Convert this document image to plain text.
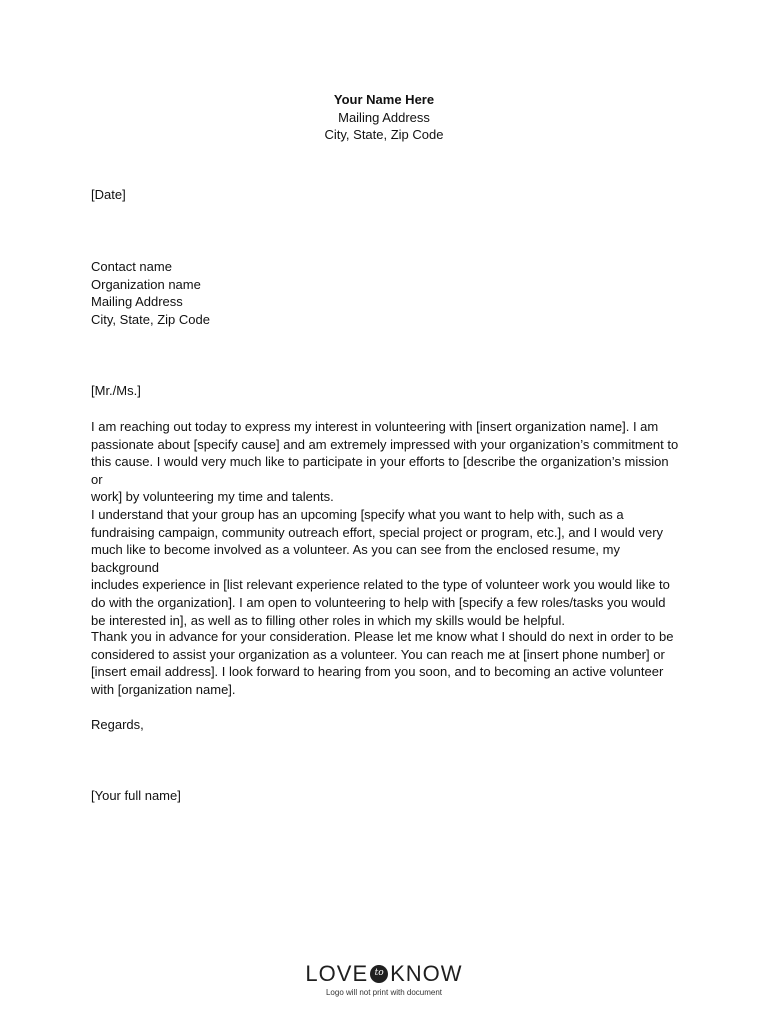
Your Name Here

Mailing Address

City, State, Zip Code

[Date]

Contact name

Organization name

Mailing Address

City, State, Zip Code

[Mr./Ms.]

I am reaching out today to express my interest in volunteering with [insert organization name]. I am

passionate about [specify cause] and am extremely impressed with your organization’s commitment to

this cause. I would very much like to participate in your efforts to [describe the organization’s mission or

work] by volunteering my time and talents.

I understand that your group has an upcoming [specify what you want to help with, such as a

fundraising campaign, community outreach effort, special project or program, etc.], and I would very

much like to become involved as a volunteer. As you can see from the enclosed resume, my background

includes experience in [list relevant experience related to the type of volunteer work you would like to

do with the organization]. I am open to volunteering to help with [specify a few roles/tasks you would

be interested in], as well as to filling other roles in which my skills would be helpful.

Thank you in advance for your consideration. Please let me know what I should do next in order to be

considered to assist your organization as a volunteer. You can reach me at [insert phone number] or

[insert email address]. I look forward to hearing from you soon, and to becoming an active volunteer

with [organization name].

Regards,

[Your full name]

LOVE to KNOW
Logo will not print with document
